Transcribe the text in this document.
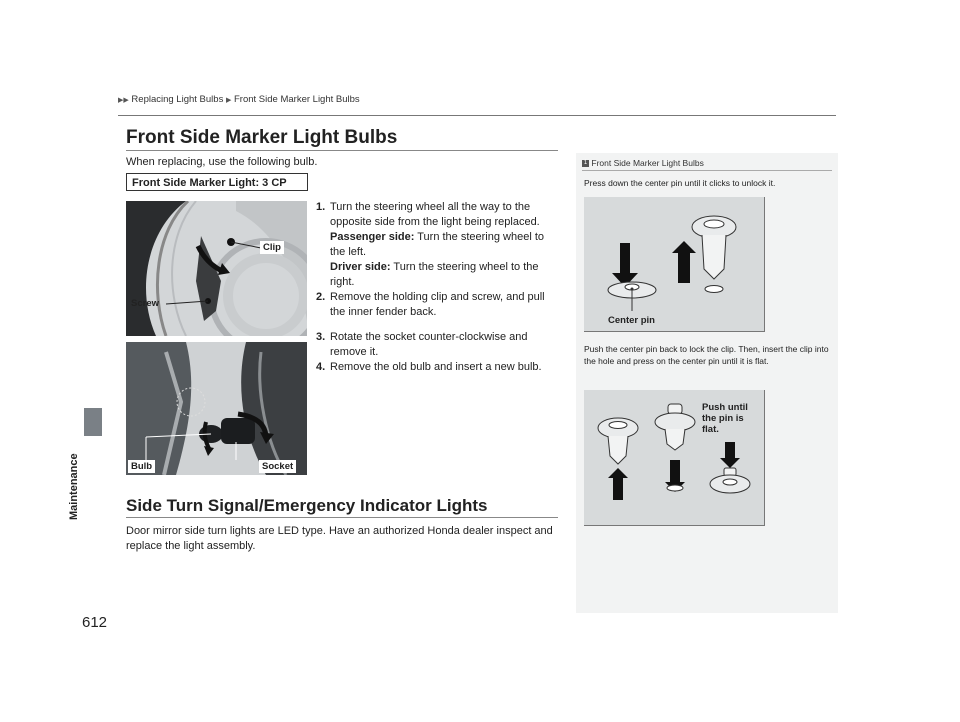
▶▶ Replacing Light Bulbs ▶ Front Side Marker Light Bulbs
Maintenance
612
Front Side Marker Light Bulbs
When replacing, use the following bulb.
Front Side Marker Light: 3 CP
Clip
Screw
Bulb	Socket
1. Turn the steering wheel all the way to the opposite side from the light being replaced.
Passenger side: Turn the steering wheel to the left.
Driver side: Turn the steering wheel to the right.
2. Remove the holding clip and screw, and pull the inner fender back.
3. Rotate the socket counter-clockwise and remove it.
4. Remove the old bulb and insert a new bulb.
Side Turn Signal/Emergency Indicator Lights
Door mirror side turn lights are LED type. Have an authorized Honda dealer inspect and replace the light assembly.
1 Front Side Marker Light Bulbs
Press down the center pin until it clicks to unlock it.
Center pin
Push the center pin back to lock the clip. Then, insert the clip into the hole and press on the center pin until it is flat.
Push until the pin is flat.
